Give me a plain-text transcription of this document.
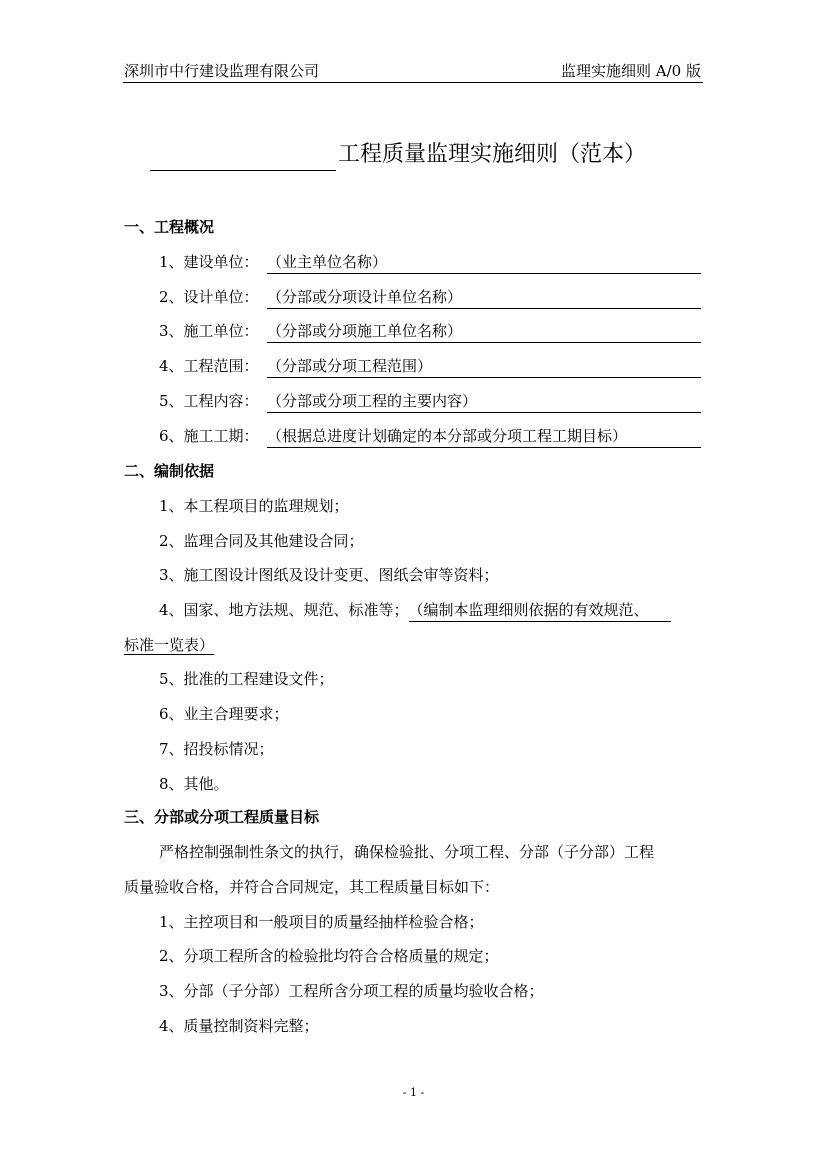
深圳市中行建设监理有限公司	监理实施细则 A/0 版
工程质量监理实施细则（范本）
一、工程概况
1、建设单位： （业主单位名称）
2、设计单位： （分部或分项设计单位名称）
3、施工单位： （分部或分项施工单位名称）
4、工程范围： （分部或分项工程范围）
5、工程内容： （分部或分项工程的主要内容）
6、施工工期： （根据总进度计划确定的本分部或分项工程工期目标）
二、编制依据
1、本工程项目的监理规划；
2、监理合同及其他建设合同；
3、施工图设计图纸及设计变更、图纸会审等资料；
4、国家、地方法规、规范、标准等；（编制本监理细则依据的有效规范、
标准一览表）
5、批准的工程建设文件；
6、业主合理要求；
7、招投标情况；
8、其他。
三、分部或分项工程质量目标
严格控制强制性条文的执行，确保检验批、分项工程、分部（子分部）工程
质量验收合格，并符合合同规定，其工程质量目标如下：
1、主控项目和一般项目的质量经抽样检验合格；
2、分项工程所含的检验批均符合合格质量的规定；
3、分部（子分部）工程所含分项工程的质量均验收合格；
4、质量控制资料完整；
- 1 -
